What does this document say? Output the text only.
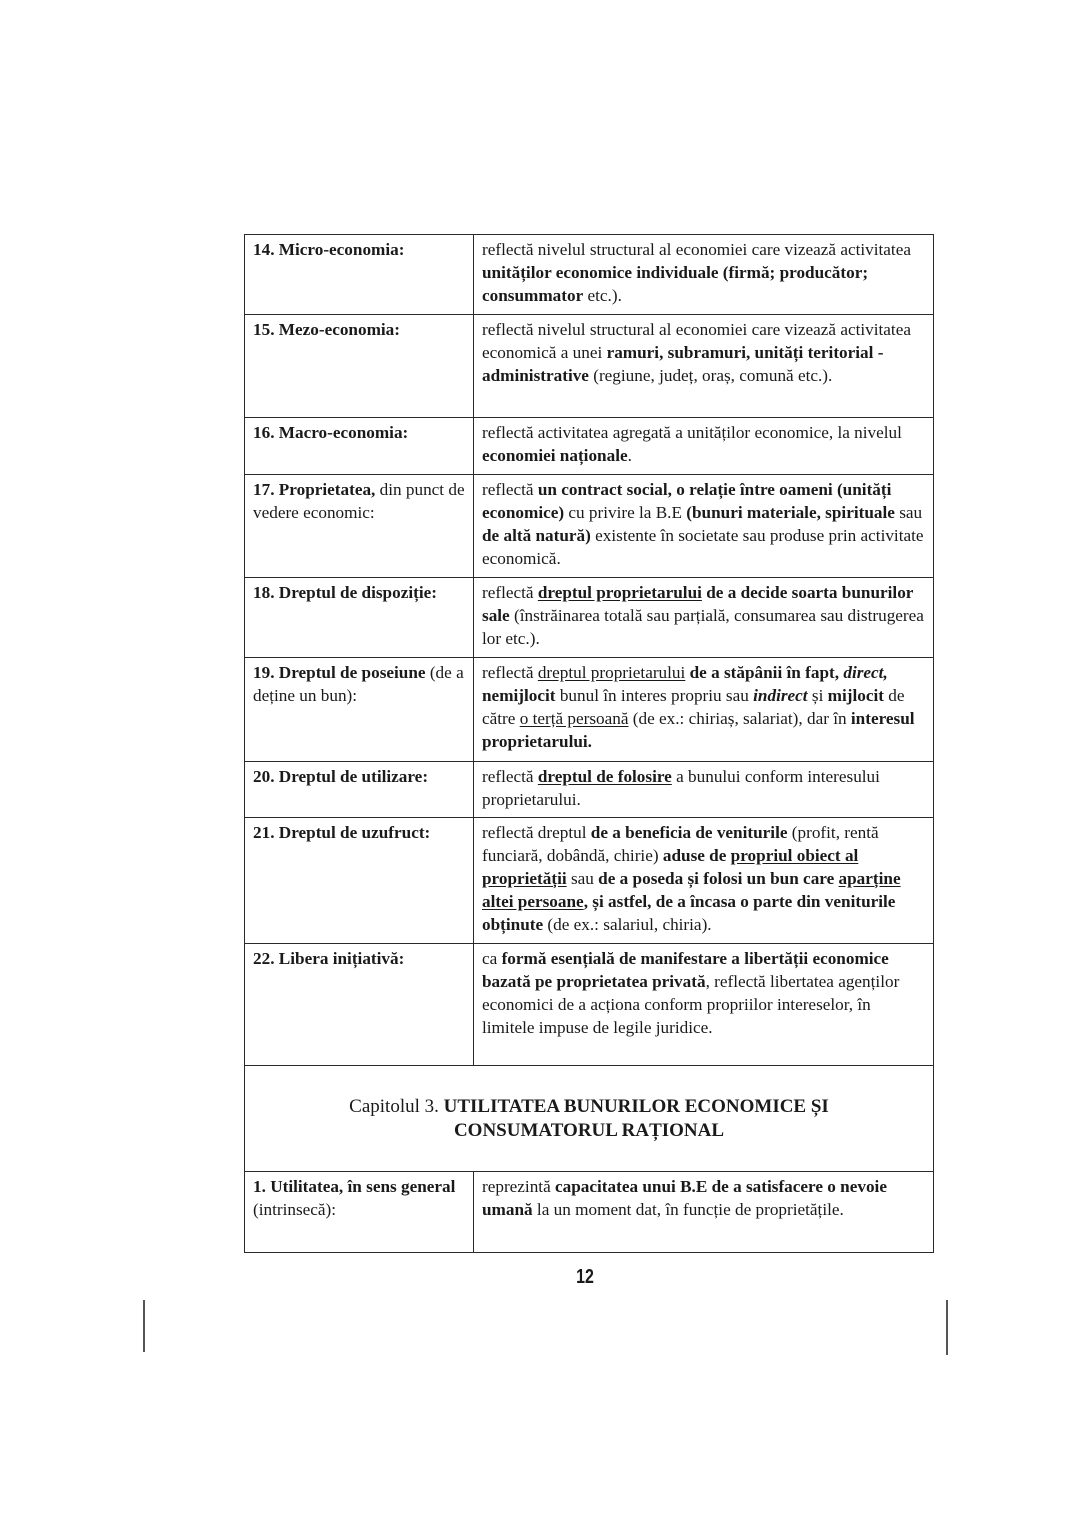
14. Micro-economia:	reflectă nivelul structural al economiei care vizează activitatea unităților economice individuale (firmă; producător; consummator etc.).
15. Mezo-economia:	reflectă nivelul structural al economiei care vizează activitatea economică a unei ramuri, subramuri, unități teritorial - administrative (regiune, județ, oraș, comună etc.).
16. Macro-economia:	reflectă activitatea agregată a unităților economice, la nivelul economiei naționale.
17. Proprietatea, din punct de vedere economic:	reflectă un contract social, o relație între oameni (unități economice) cu privire la B.E (bunuri materiale, spirituale sau de altă natură) existente în societate sau produse prin activitate economică.
18. Dreptul de dispoziție:	reflectă dreptul proprietarului de a decide soarta bunurilor sale (înstrăinarea totală sau parțială, consumarea sau distrugerea lor etc.).
19. Dreptul de poseiune (de a deține un bun):	reflectă dreptul proprietarului de a stăpânii în fapt, direct, nemijlocit bunul în interes propriu sau indirect și mijlocit de către o terță persoană (de ex.: chiriaș, salariat), dar în interesul proprietarului.
20. Dreptul de utilizare:	reflectă dreptul de folosire a bunului conform interesului proprietarului.
21. Dreptul de uzufruct:	reflectă dreptul de a beneficia de veniturile (profit, rentă funciară, dobândă, chirie) aduse de propriul obiect al proprietății sau de a poseda și folosi un bun care aparține altei persoane, și astfel, de a încasa o parte din veniturile obținute (de ex.: salariul, chiria).
22. Libera inițiativă:	ca formă esențială de manifestare a libertății economice bazată pe proprietatea privată, reflectă libertatea agenților economici de a acționa conform propriilor intereselor, în limitele impuse de legile juridice.
Capitolul 3. UTILITATEA BUNURILOR ECONOMICE ȘI CONSUMATORUL RAȚIONAL	
1. Utilitatea, în sens general (intrinsecă):	reprezintă capacitatea unui B.E de a satisfacere o nevoie umană la un moment dat, în funcție de proprietățile.
12
